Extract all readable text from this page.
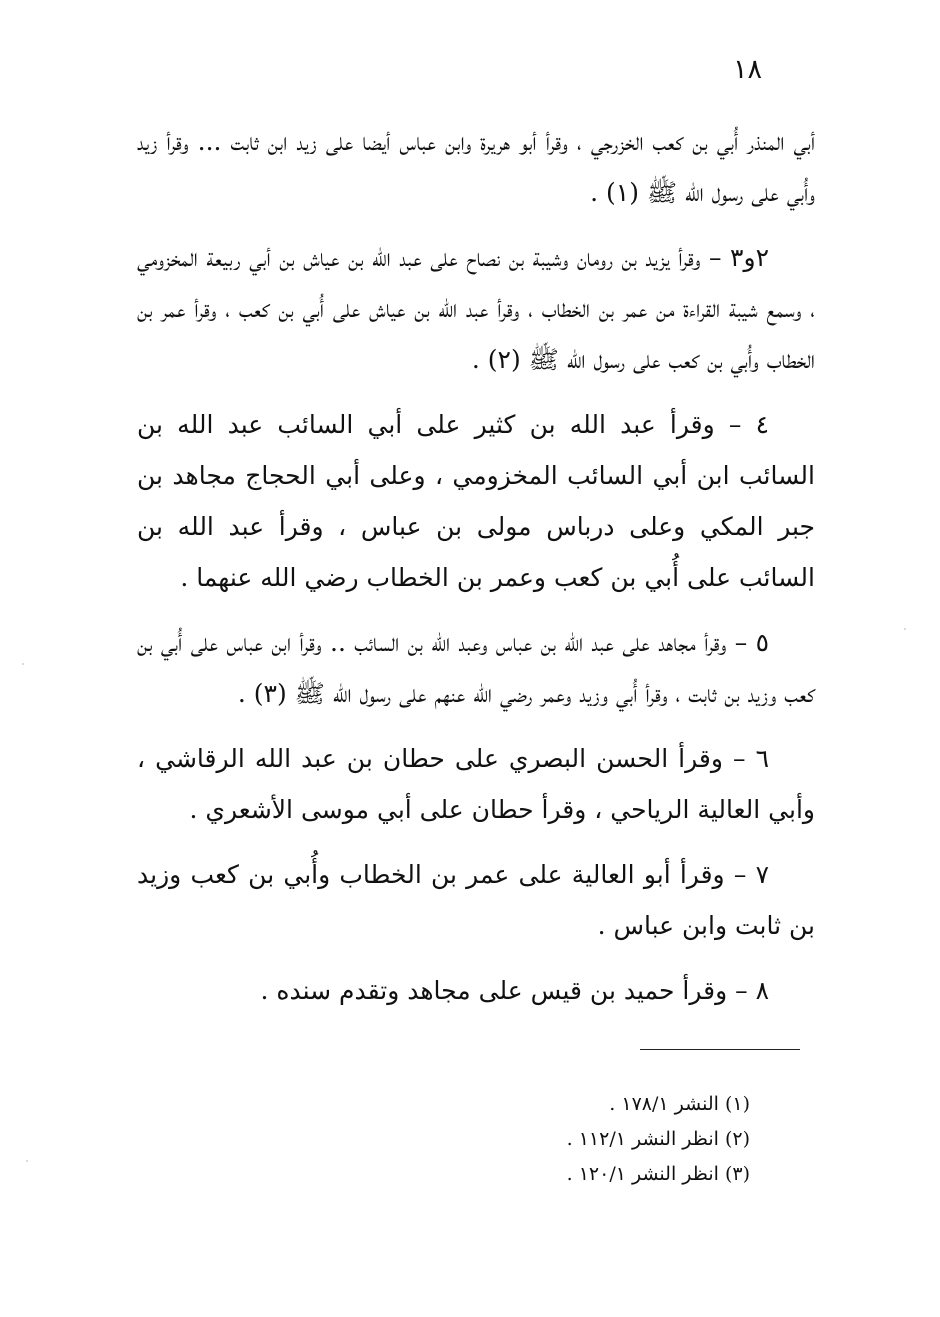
١٨

أبي المنذر أُبي بن كعب الخزرجي ، وقرأ أبو هريرة وابن عباس أيضا على زيد ابن ثابت ... وقرأ زيد وأُبي على رسول الله ﷺ (١) .

٢و٣ – وقرأ يزيد بن رومان وشيبة بن نصاح على عبد الله بن عياش بن أبي ربيعة المخزومي ، وسمع شيبة القراءة من عمر بن الخطاب ، وقرأ عبد الله بن عياش على أُبي بن كعب ، وقرأ عمر بن الخطاب وأُبي بن كعب على رسول الله ﷺ (٢) .

٤ – وقرأ عبد الله بن كثير على أبي السائب عبد الله بن السائب ابن أبي السائب المخزومي ، وعلى أبي الحجاج مجاهد بن جبر المكي وعلى درباس مولى بن عباس ، وقرأ عبد الله بن السائب على أُبي بن كعب وعمر بن الخطاب رضي الله عنهما .

٥ – وقرأ مجاهد على عبد الله بن عباس وعبد الله بن السائب .. وقرأ ابن عباس على أُبي بن كعب وزيد بن ثابت ، وقرأ أُبي وزيد وعمر رضي الله عنهم على رسول الله ﷺ (٣) .

٦ – وقرأ الحسن البصري على حطان بن عبد الله الرقاشي ، وأبي العالية الرياحي ، وقرأ حطان على أبي موسى الأشعري .

٧ – وقرأ أبو العالية على عمر بن الخطاب وأُبي بن كعب وزيد بن ثابت وابن عباس .

٨ – وقرأ حميد بن قيس على مجاهد وتقدم سنده .

(١) النشر ١٧٨/١ .

(٢) انظر النشر ١١٢/١ .

(٣) انظر النشر ١٢٠/١ .
